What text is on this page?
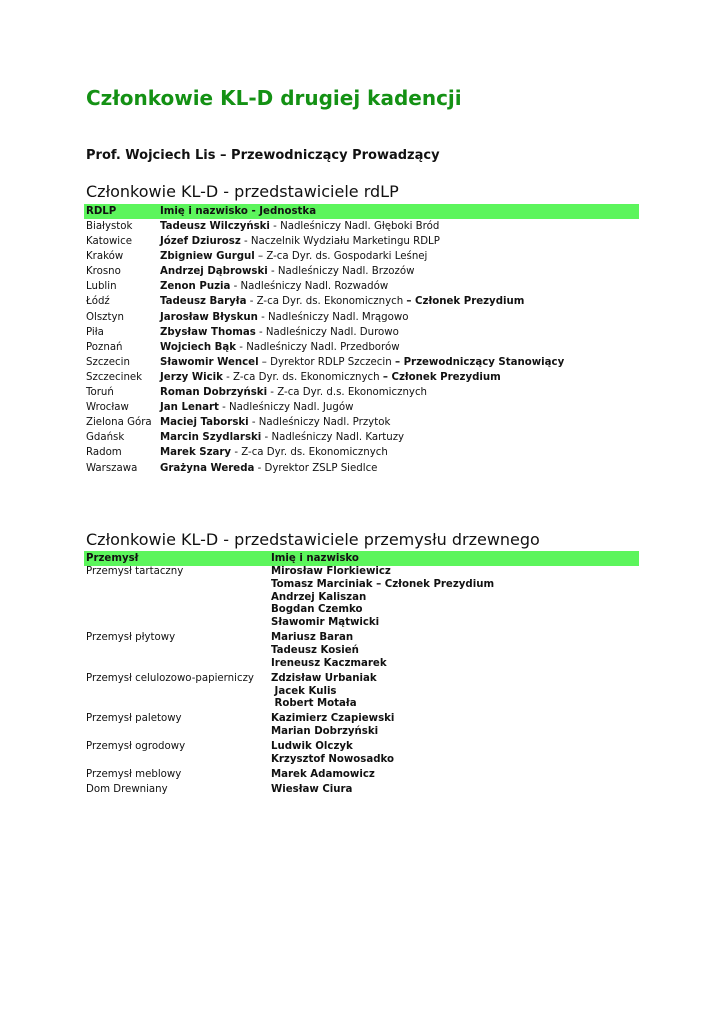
Członkowie KL-D drugiej kadencji

Prof. Wojciech Lis – Przewodniczący Prowadzący

Członkowie KL-D - przedstawiciele rdLP
RDLP	Imię i nazwisko - Jednostka
Białystok	Tadeusz Wilczyński - Nadleśniczy Nadl. Głęboki Bród
Katowice	Józef Dziurosz - Naczelnik Wydziału Marketingu RDLP
Kraków	Zbigniew Gurgul – Z-ca Dyr. ds. Gospodarki Leśnej
Krosno	Andrzej Dąbrowski - Nadleśniczy Nadl. Brzozów
Lublin	Zenon Puzia - Nadleśniczy Nadl. Rozwadów
Łódź	Tadeusz Baryła - Z-ca Dyr. ds. Ekonomicznych – Członek Prezydium
Olsztyn	Jarosław Błyskun - Nadleśniczy Nadl. Mrągowo
Piła	Zbysław Thomas - Nadleśniczy Nadl. Durowo
Poznań	Wojciech Bąk - Nadleśniczy Nadl. Przedborów
Szczecin	Sławomir Wencel – Dyrektor RDLP Szczecin – Przewodniczący Stanowiący
Szczecinek	Jerzy Wicik - Z-ca Dyr. ds. Ekonomicznych – Członek Prezydium
Toruń	Roman Dobrzyński - Z-ca Dyr. d.s. Ekonomicznych
Wrocław	Jan Lenart - Nadleśniczy Nadl. Jugów
Zielona Góra	Maciej Taborski - Nadleśniczy Nadl. Przytok
Gdańsk	Marcin Szydlarski - Nadleśniczy Nadl. Kartuzy
Radom	Marek Szary - Z-ca Dyr. ds. Ekonomicznych
Warszawa	Grażyna Wereda - Dyrektor ZSLP Siedlce
Członkowie KL-D - przedstawiciele przemysłu drzewnego
Przemysł	Imię i nazwisko
Przemysł tartaczny	Mirosław Florkiewicz
Tomasz Marciniak – Członek Prezydium
Andrzej Kaliszan
Bogdan Czemko
Sławomir Mątwicki

Przemysł płytowy	Mariusz Baran
Tadeusz Kosień
Ireneusz Kaczmarek

Przemysł celulozowo-papierniczy	Zdzisław Urbaniak
Jacek Kulis
Robert Motała

Przemysł paletowy	Kazimierz Czapiewski
Marian Dobrzyński

Przemysł ogrodowy	Ludwik Olczyk
Krzysztof Nowosadko

Przemysł meblowy	Marek Adamowicz

Dom Drewniany	Wiesław Ciura
